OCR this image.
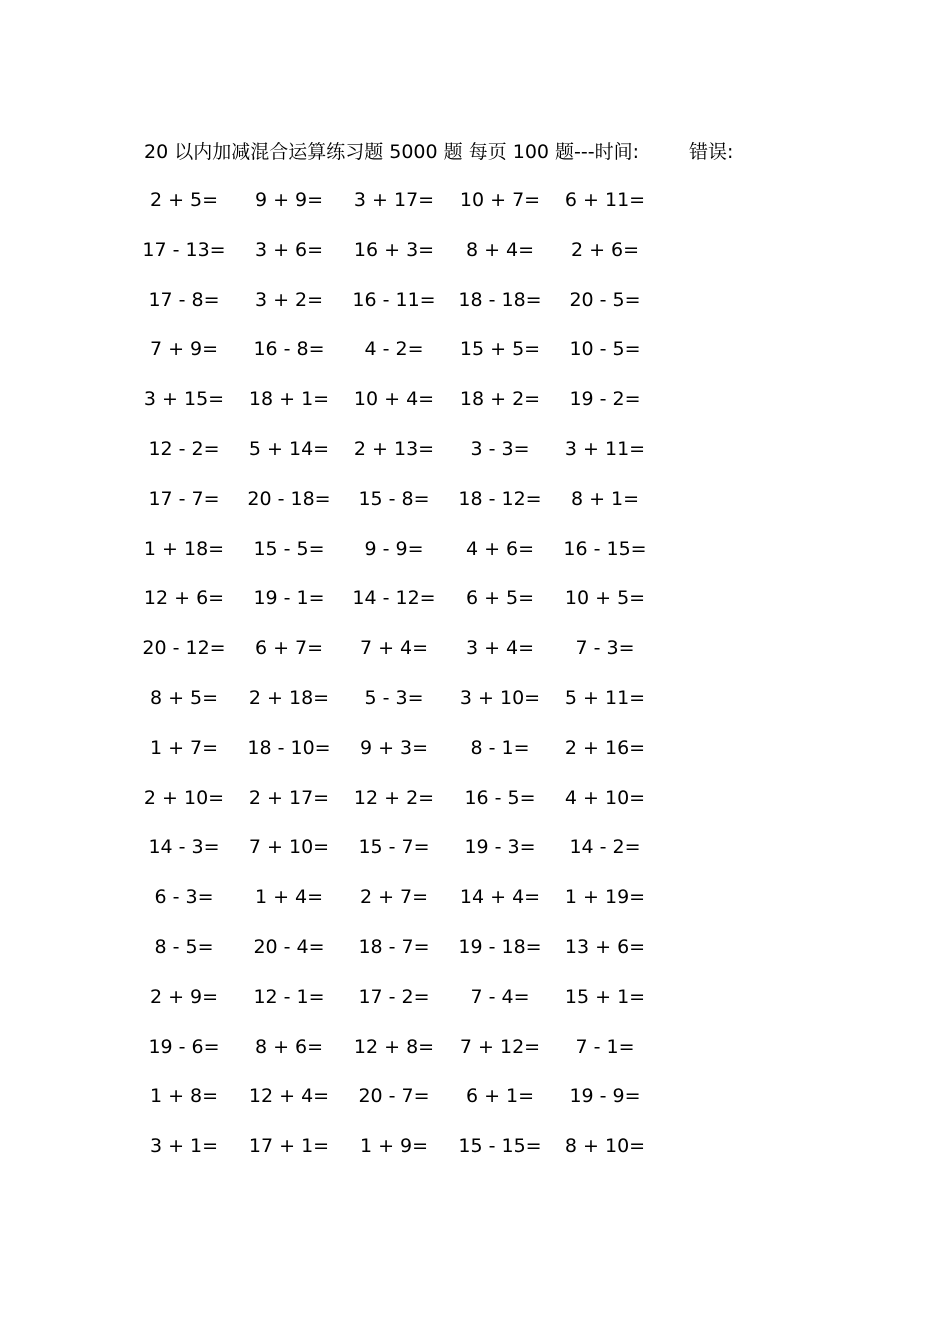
20 以内加减混合运算练习题 5000 题 每页 100 题---时间:	错误:
2 + 5=	9 + 9=	3 + 17=	10 + 7=	6 + 11=
17 - 13=	3 + 6=	16 + 3=	8 + 4=	2 + 6=
17 - 8=	3 + 2=	16 - 11=	18 - 18=	20 - 5=
7 + 9=	16 - 8=	4 - 2=	15 + 5=	10 - 5=
3 + 15=	18 + 1=	10 + 4=	18 + 2=	19 - 2=
12 - 2=	5 + 14=	2 + 13=	3 - 3=	3 + 11=
17 - 7=	20 - 18=	15 - 8=	18 - 12=	8 + 1=
1 + 18=	15 - 5=	9 - 9=	4 + 6=	16 - 15=
12 + 6=	19 - 1=	14 - 12=	6 + 5=	10 + 5=
20 - 12=	6 + 7=	7 + 4=	3 + 4=	7 - 3=
8 + 5=	2 + 18=	5 - 3=	3 + 10=	5 + 11=
1 + 7=	18 - 10=	9 + 3=	8 - 1=	2 + 16=
2 + 10=	2 + 17=	12 + 2=	16 - 5=	4 + 10=
14 - 3=	7 + 10=	15 - 7=	19 - 3=	14 - 2=
6 - 3=	1 + 4=	2 + 7=	14 + 4=	1 + 19=
8 - 5=	20 - 4=	18 - 7=	19 - 18=	13 + 6=
2 + 9=	12 - 1=	17 - 2=	7 - 4=	15 + 1=
19 - 6=	8 + 6=	12 + 8=	7 + 12=	7 - 1=
1 + 8=	12 + 4=	20 - 7=	6 + 1=	19 - 9=
3 + 1=	17 + 1=	1 + 9=	15 - 15=	8 + 10=
